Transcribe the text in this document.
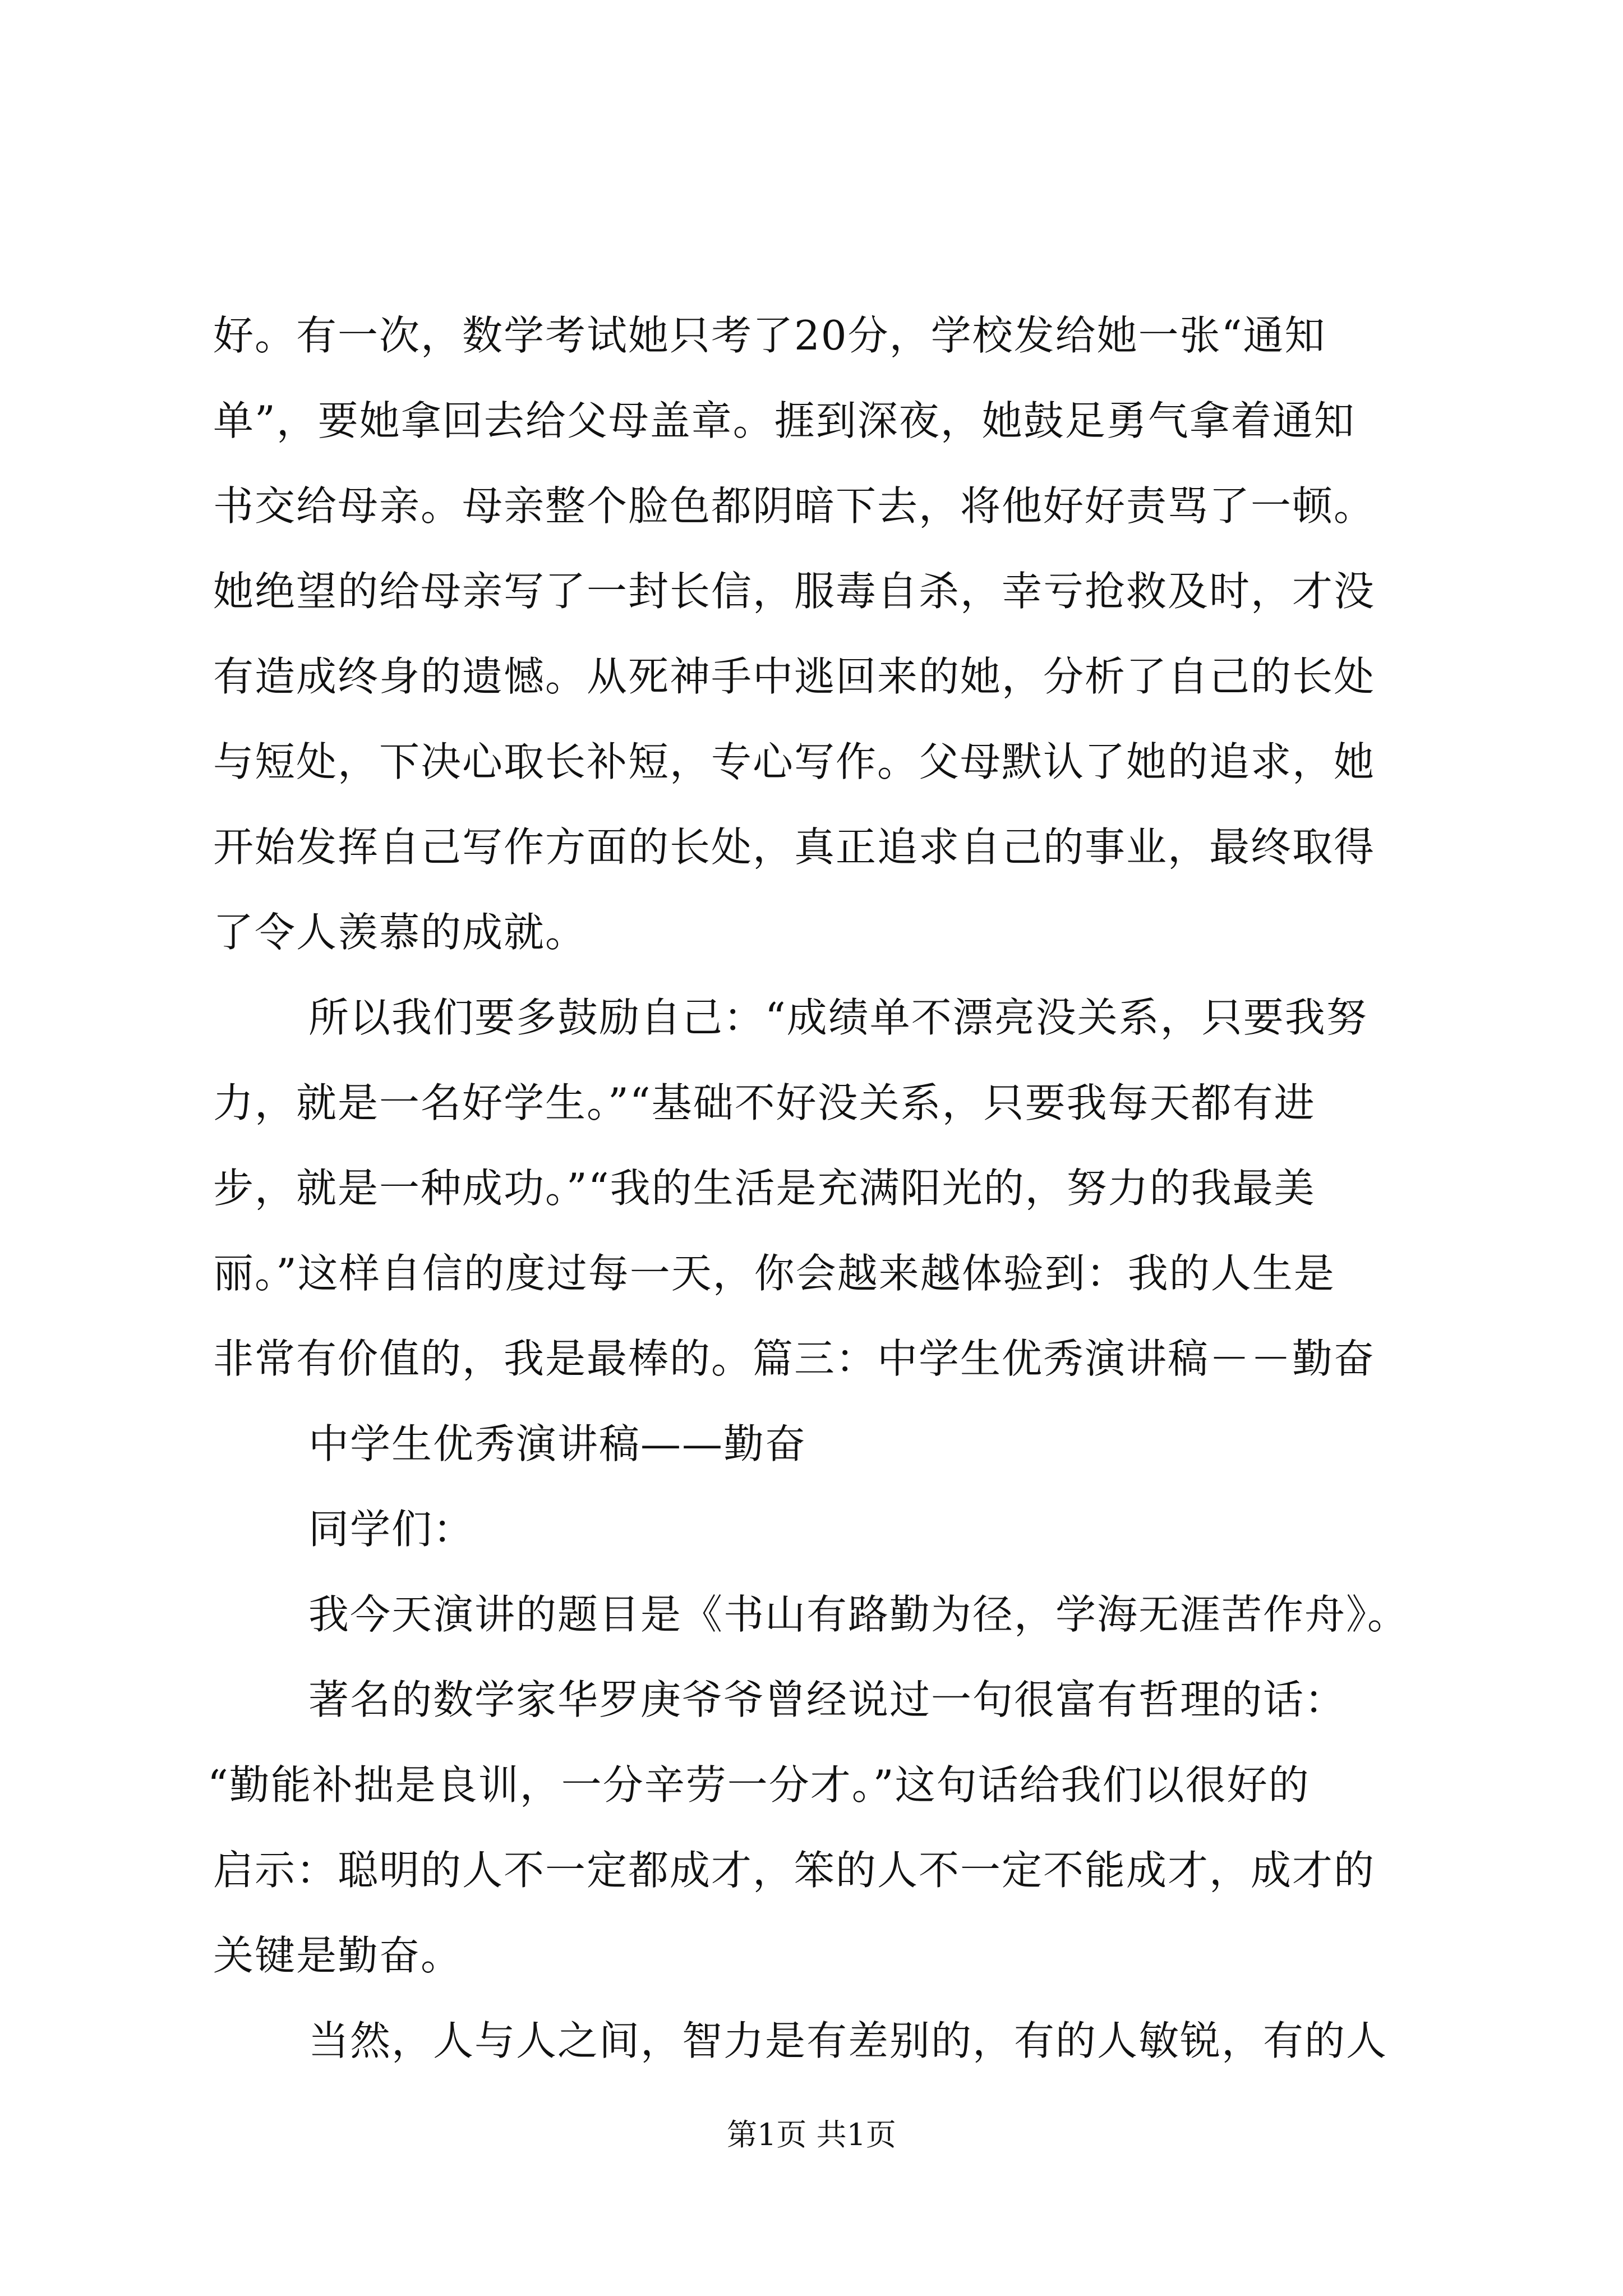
好。有一次，数学考试她只考了20分，学校发给她一张“通知
单”，要她拿回去给父母盖章。捱到深夜，她鼓足勇气拿着通知
书交给母亲。母亲整个脸色都阴暗下去，将他好好责骂了一顿。
她绝望的给母亲写了一封长信，服毒自杀，幸亏抢救及时，才没
有造成终身的遗憾。从死神手中逃回来的她，分析了自己的长处
与短处，下决心取长补短，专心写作。父母默认了她的追求，她
开始发挥自己写作方面的长处，真正追求自己的事业，最终取得
了令人羡慕的成就。
所以我们要多鼓励自己：“成绩单不漂亮没关系，只要我努
力，就是一名好学生。”“基础不好没关系，只要我每天都有进
步，就是一种成功。”“我的生活是充满阳光的，努力的我最美
丽。”这样自信的度过每一天，你会越来越体验到：我的人生是
非常有价值的，我是最棒的。篇三：中学生优秀演讲稿－－勤奋
中学生优秀演讲稿——勤奋
同学们：
我今天演讲的题目是《书山有路勤为径，学海无涯苦作舟》。
著名的数学家华罗庚爷爷曾经说过一句很富有哲理的话：
“勤能补拙是良训，一分辛劳一分才。”这句话给我们以很好的
启示：聪明的人不一定都成才，笨的人不一定不能成才，成才的
关键是勤奋。
当然，人与人之间，智力是有差别的，有的人敏锐，有的人
第1页 共1页
